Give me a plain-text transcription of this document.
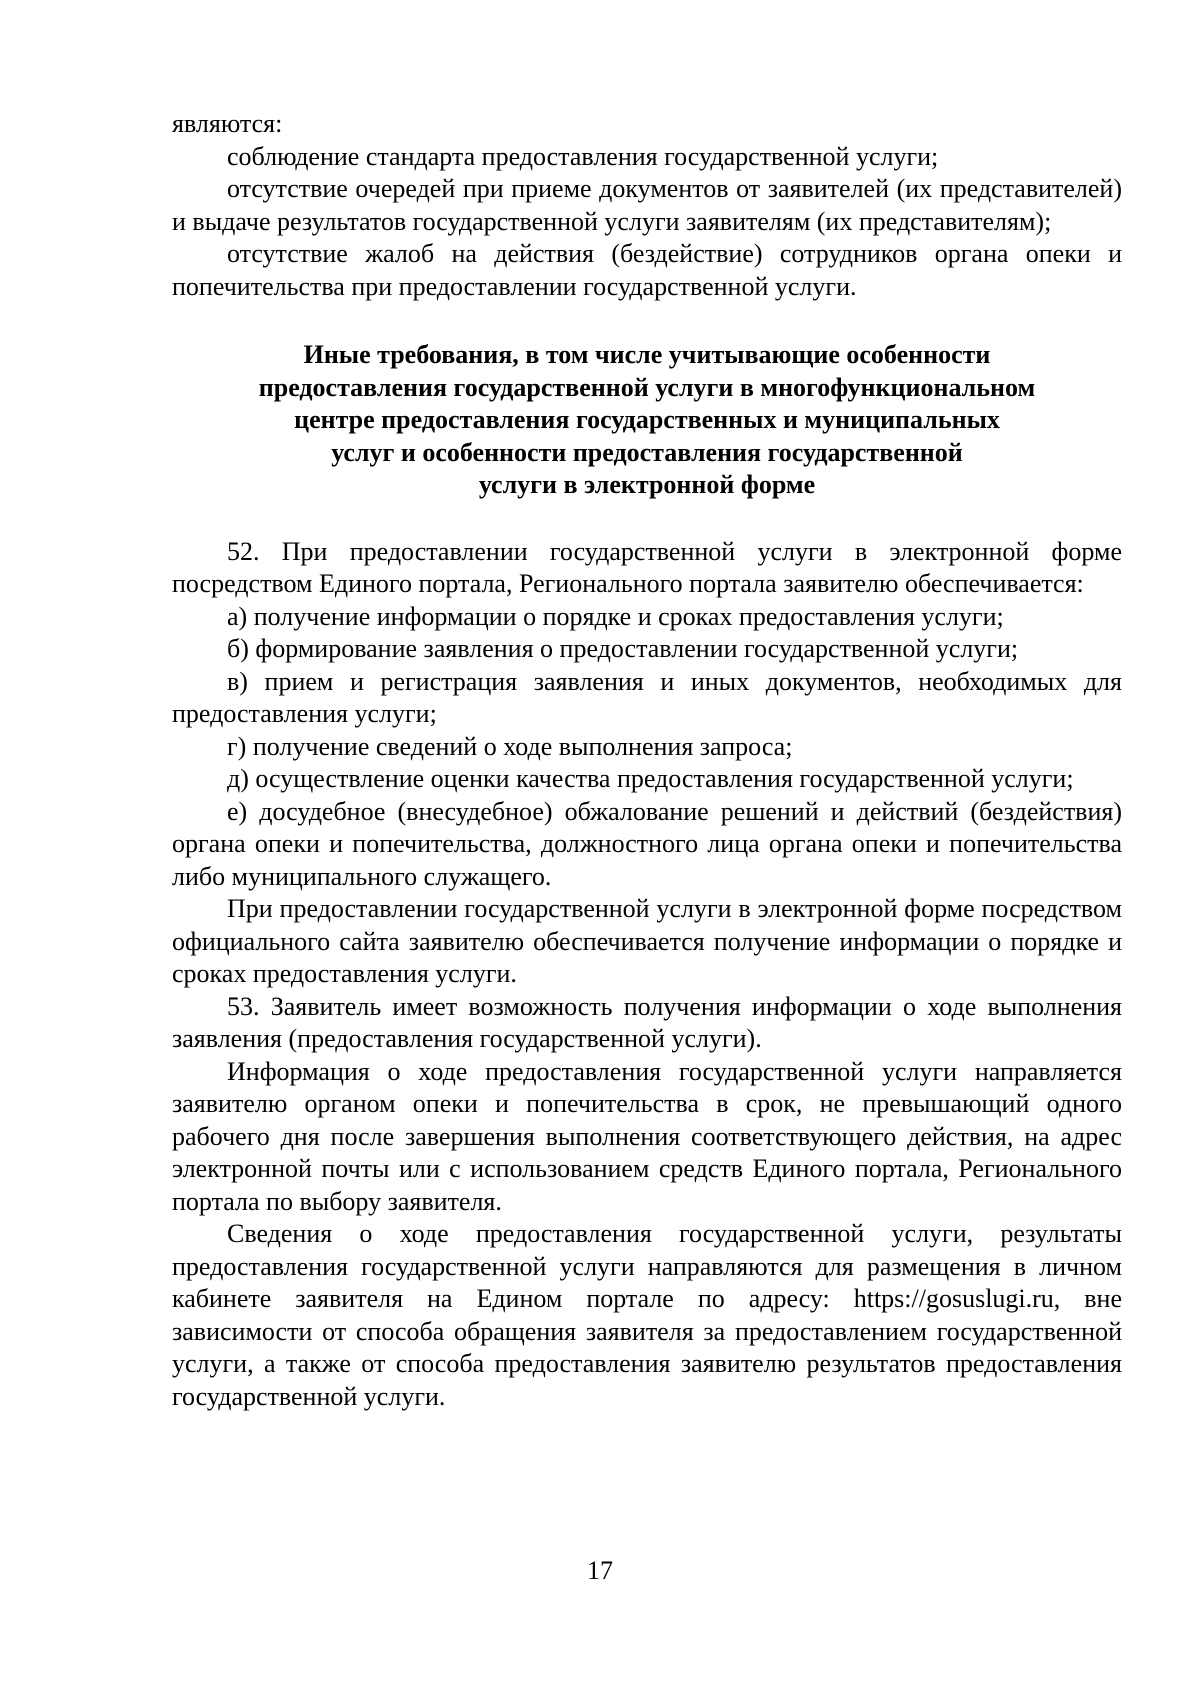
являются:

соблюдение стандарта предоставления государственной услуги;

отсутствие очередей при приеме документов от заявителей (их представителей) и выдаче результатов государственной услуги заявителям (их представителям);

отсутствие жалоб на действия (бездействие) сотрудников органа опеки и попечительства при предоставлении государственной услуги.

Иные требования, в том числе учитывающие особенности
предоставления государственной услуги в многофункциональном
центре предоставления государственных и муниципальных
услуг и особенности предоставления государственной
услуги в электронной форме

52. При предоставлении государственной услуги в электронной форме посредством Единого портала, Регионального портала заявителю обеспечивается:

а) получение информации о порядке и сроках предоставления услуги;

б) формирование заявления о предоставлении государственной услуги;

в) прием и регистрация заявления и иных документов, необходимых для предоставления услуги;

г) получение сведений о ходе выполнения запроса;

д) осуществление оценки качества предоставления государственной услуги;

е) досудебное (внесудебное) обжалование решений и действий (бездействия) органа опеки и попечительства, должностного лица органа опеки и попечительства либо муниципального служащего.

При предоставлении государственной услуги в электронной форме посредством официального сайта заявителю обеспечивается получение информации о порядке и сроках предоставления услуги.

53. Заявитель имеет возможность получения информации о ходе выполнения заявления (предоставления государственной услуги).

Информация о ходе предоставления государственной услуги направляется заявителю органом опеки и попечительства в срок, не превышающий одного рабочего дня после завершения выполнения соответствующего действия, на адрес электронной почты или с использованием средств Единого портала, Регионального портала по выбору заявителя.

Сведения о ходе предоставления государственной услуги, результаты предоставления государственной услуги направляются для размещения в личном кабинете заявителя на Едином портале по адресу: https://gosuslugi.ru, вне зависимости от способа обращения заявителя за предоставлением государственной услуги, а также от способа предоставления заявителю результатов предоставления государственной услуги.

17
